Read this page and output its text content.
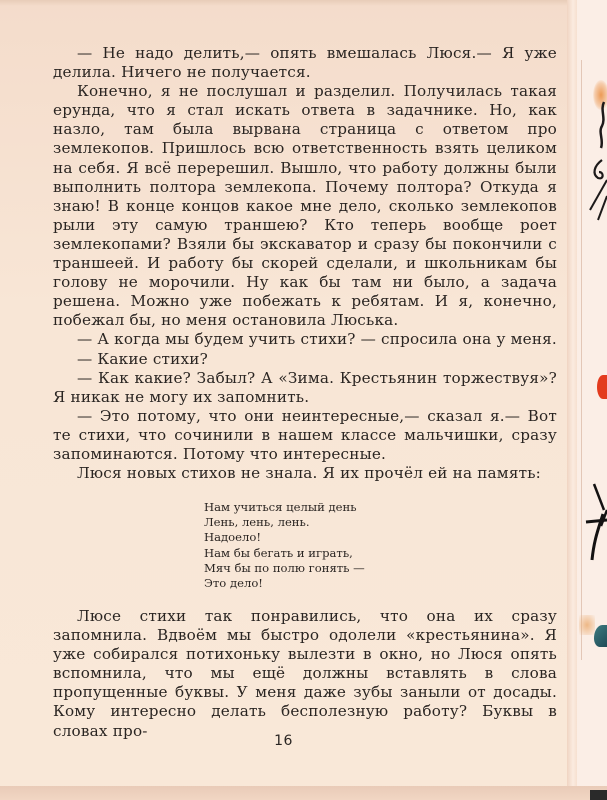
— Не надо делить,— опять вмешалась Люся.— Я уже делила. Ничего не получается.

Конечно, я не послушал и разделил. Получилась такая ерунда, что я стал искать ответа в задачнике. Но, как назло, там была вырвана страница с ответом про землекопов. Пришлось всю ответственность взять целиком на себя. Я всё перерешил. Вышло, что работу должны были выполнить полтора землекопа. Почему полтора? Откуда я знаю! В конце концов какое мне дело, сколько землекопов рыли эту самую траншею? Кто теперь вообще роет землекопами? Взяли бы экскаватор и сразу бы покончили с траншеей. И работу бы скорей сделали, и школьникам бы голову не морочили. Ну как бы там ни было, а задача решена. Можно уже побежать к ребятам. И я, конечно, побежал бы, но меня остановила Люська.

— А когда мы будем учить стихи? — спросила она у меня.

— Какие стихи?

— Как какие? Забыл? А «Зима. Крестьянин торжествуя»? Я никак не могу их запомнить.

— Это потому, что они неинтересные,— сказал я.— Вот те стихи, что сочинили в нашем классе мальчишки, сразу запоминаются. Потому что интересные.

Люся новых стихов не знала. Я их прочёл ей на память:

Нам учиться целый день
Лень, лень, лень.
Надоело!
Нам бы бегать и играть,
Мяч бы по полю гонять —
Это дело!

Люсе стихи так понравились, что она их сразу запомнила. Вдвоём мы быстро одолели «крестьянина». Я уже собирался потихоньку вылезти в окно, но Люся опять вспомнила, что мы ещё должны вставлять в слова пропущенные буквы. У меня даже зубы заныли от досады. Кому интересно делать бесполезную работу? Буквы в словах про-

16
